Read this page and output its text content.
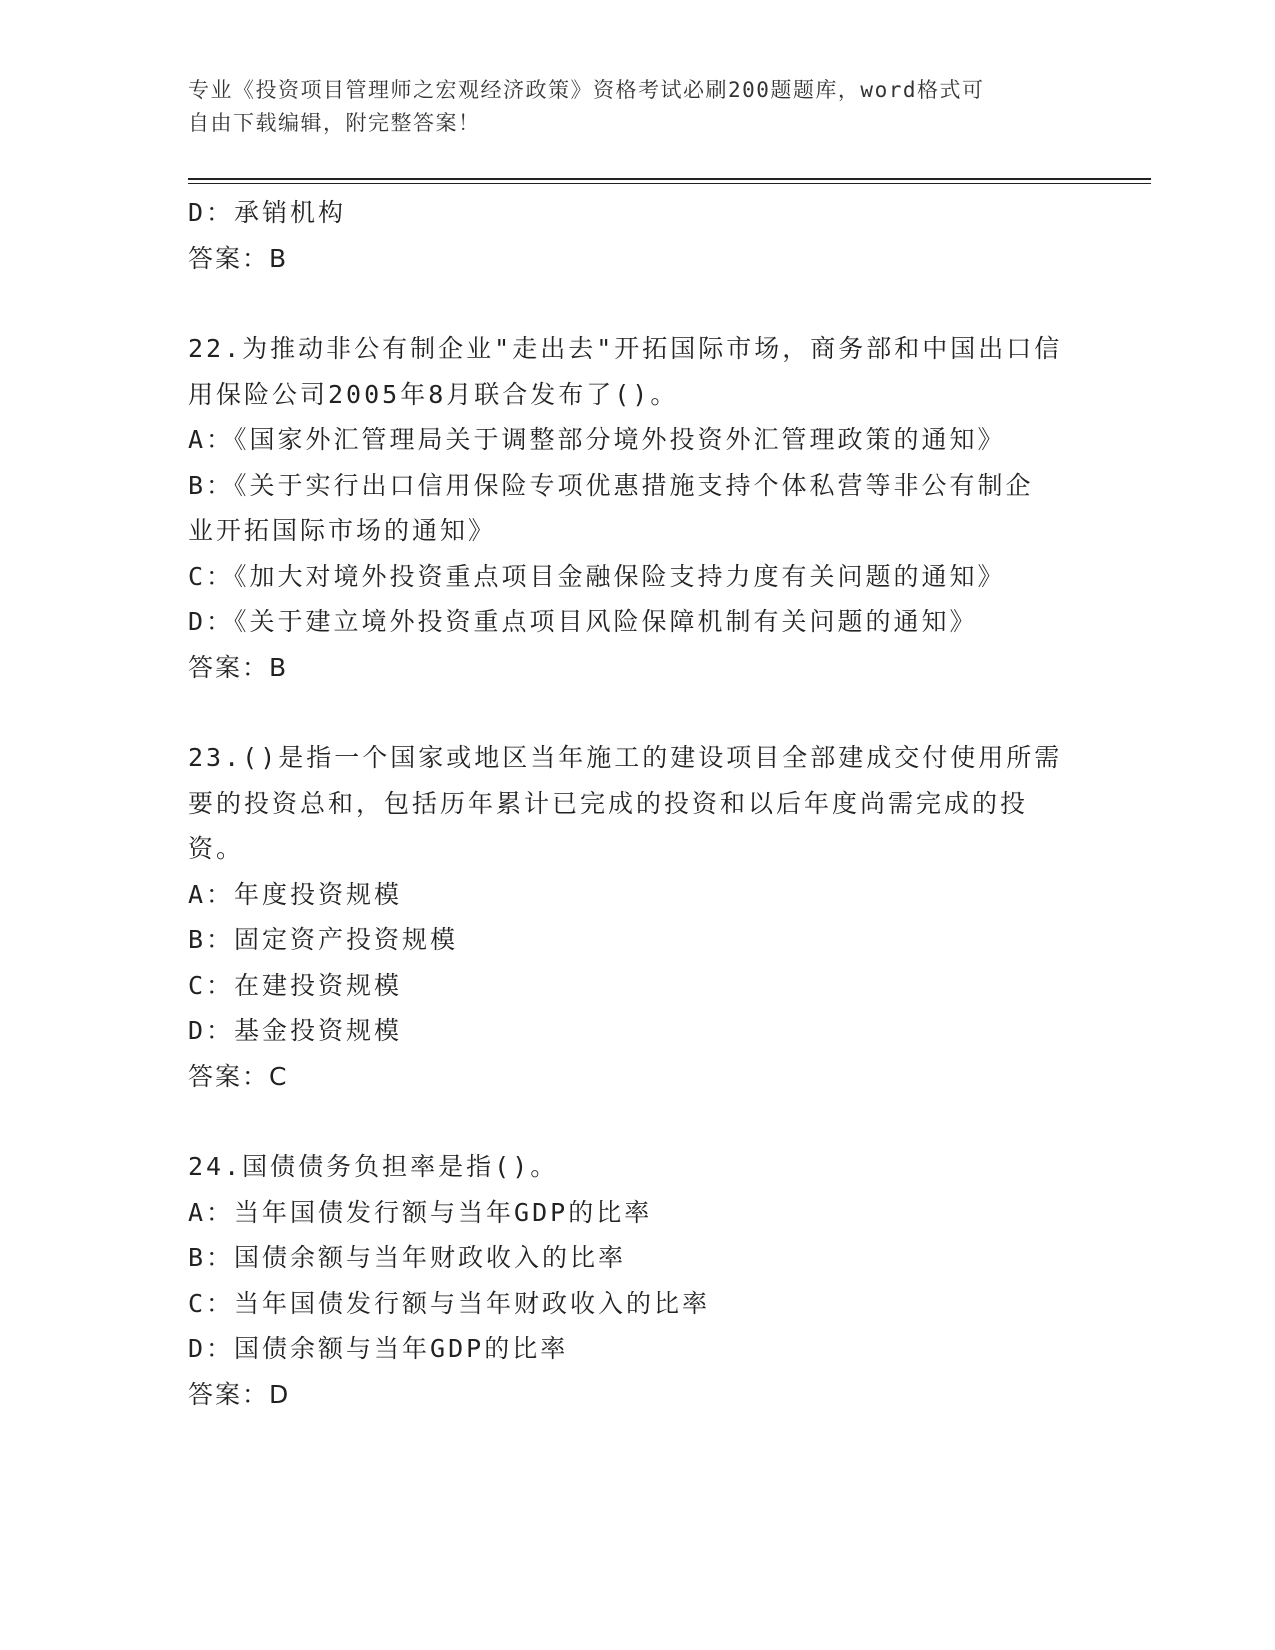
专业《投资项目管理师之宏观经济政策》资格考试必刷200题题库，word格式可
自由下载编辑，附完整答案！
D：承销机构
答案：B
22.为推动非公有制企业"走出去"开拓国际市场，商务部和中国出口信
用保险公司2005年8月联合发布了()。
A：《国家外汇管理局关于调整部分境外投资外汇管理政策的通知》
B：《关于实行出口信用保险专项优惠措施支持个体私营等非公有制企
业开拓国际市场的通知》
C：《加大对境外投资重点项目金融保险支持力度有关问题的通知》
D：《关于建立境外投资重点项目风险保障机制有关问题的通知》
答案：B
23.()是指一个国家或地区当年施工的建设项目全部建成交付使用所需
要的投资总和，包括历年累计已完成的投资和以后年度尚需完成的投
资。
A：年度投资规模
B：固定资产投资规模
C：在建投资规模
D：基金投资规模
答案：C
24.国债债务负担率是指()。
A：当年国债发行额与当年GDP的比率
B：国债余额与当年财政收入的比率
C：当年国债发行额与当年财政收入的比率
D：国债余额与当年GDP的比率
答案：D
